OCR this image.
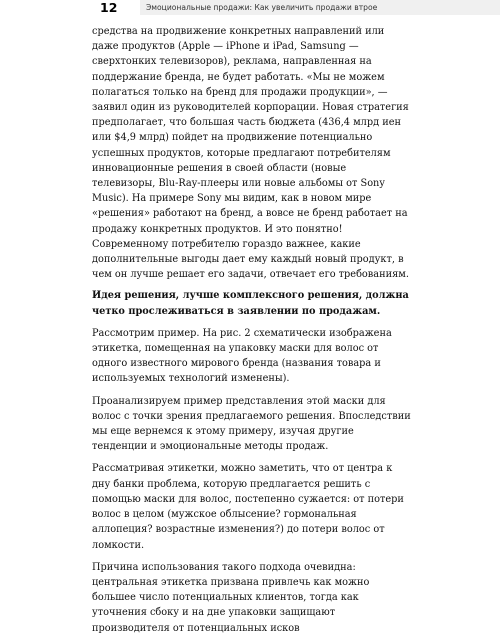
12	Эмоциональные продажи: Как увеличить продажи втрое

средства на продвижение конкретных направлений или даже продуктов (Apple — iPhone и iPad, Samsung — сверхтонких телевизоров), реклама, направленная на поддержание бренда, не будет работать. «Мы не можем полагаться только на бренд для продажи продукции», — заявил один из руководителей корпорации. Новая стратегия предполагает, что большая часть бюджета (436,4 млрд иен или $4,9 млрд) пойдет на продвижение потенциально успешных продуктов, которые предлагают потребителям инновационные решения в своей области (новые телевизоры, Blu-Ray-плееры или новые альбомы от Sony Music). На примере Sony мы видим, как в новом мире «решения» работают на бренд, а вовсе не бренд работает на продажу конкретных продуктов. И это понятно! Современному потребителю гораздо важнее, какие дополнительные выгоды дает ему каждый новый продукт, в чем он лучше решает его задачи, отвечает его требованиям.

Идея решения, лучше комплексного решения, должна четко прослеживаться в заявлении по продажам.

Рассмотрим пример. На рис. 2 схематически изображена этикетка, помещенная на упаковку маски для волос от одного известного мирового бренда (названия товара и используемых технологий изменены).

Проанализируем пример представления этой маски для волос с точки зрения предлагаемого решения. Впоследствии мы еще вернемся к этому примеру, изучая другие тенденции и эмоциональные методы продаж.

Рассматривая этикетки, можно заметить, что от центра к дну банки проблема, которую предлагается решить с помощью маски для волос, постепенно сужается: от потери волос в целом (мужское облысение? гормональная аллопеция? возрастные изменения?) до потери волос от ломкости.

Причина использования такого подхода очевидна: центральная этикетка призвана привлечь как можно большее число потенциальных клиентов, тогда как уточнения сбоку и на дне упаковки защищают производителя от потенциальных исков
